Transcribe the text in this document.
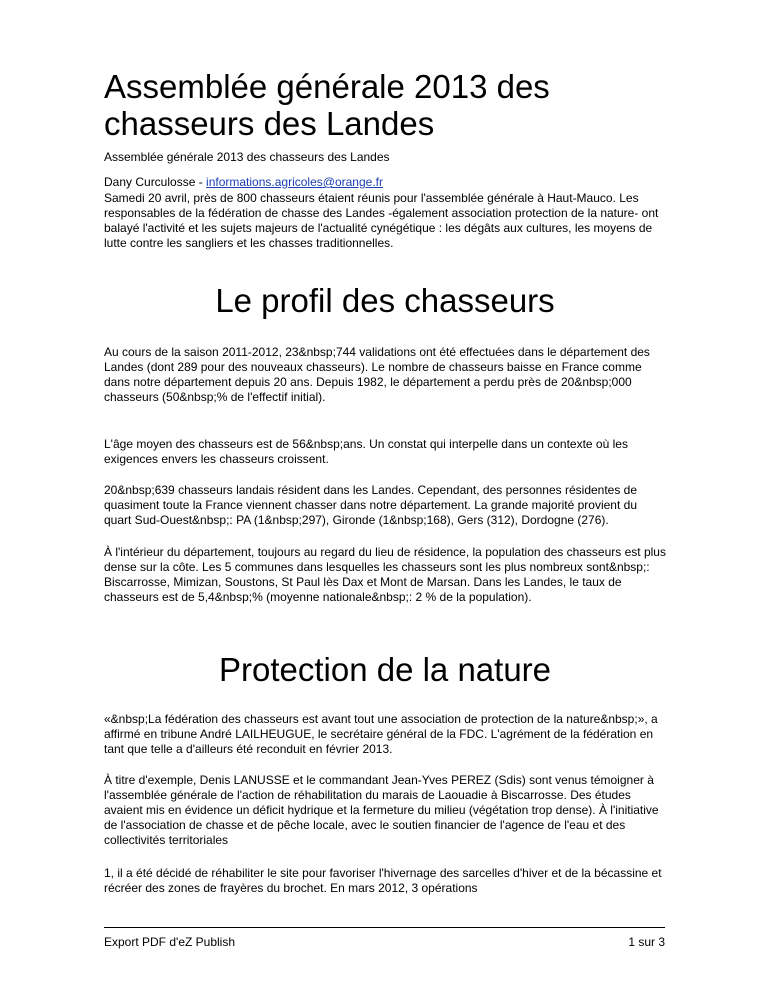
Assemblée générale 2013 des chasseurs des Landes
Assemblée générale 2013 des chasseurs des Landes
Dany Curculosse - informations.agricoles@orange.fr

Samedi 20 avril, près de 800 chasseurs étaient réunis pour l'assemblée générale à Haut-Mauco. Les responsables de la fédération de chasse des Landes -également association protection de la nature- ont balayé l'activité et les sujets majeurs de l'actualité cynégétique : les dégâts aux cultures, les moyens de lutte contre les sangliers et les chasses traditionnelles.

Le profil des chasseurs

Au cours de la saison 2011-2012, 23&nbsp;744 validations ont été effectuées dans le département des Landes (dont 289 pour des nouveaux chasseurs). Le nombre de chasseurs baisse en France comme dans notre département depuis 20 ans. Depuis 1982, le département a perdu près de 20&nbsp;000 chasseurs (50&nbsp;% de l'effectif initial).

L'âge moyen des chasseurs est de 56&nbsp;ans. Un constat qui interpelle dans un contexte où les exigences envers les chasseurs croissent.

20&nbsp;639 chasseurs landais résident dans les Landes. Cependant, des personnes résidentes de quasiment toute la France viennent chasser dans notre département. La grande majorité provient du quart Sud-Ouest&nbsp;: PA (1&nbsp;297), Gironde (1&nbsp;168), Gers (312), Dordogne (276).

À l'intérieur du département, toujours au regard du lieu de résidence, la population des chasseurs est plus dense sur la côte. Les 5 communes dans lesquelles les chasseurs sont les plus nombreux sont&nbsp;: Biscarrosse, Mimizan, Soustons, St Paul lès Dax et Mont de Marsan. Dans les Landes, le taux de chasseurs est de 5,4&nbsp;% (moyenne nationale&nbsp;: 2 % de la population).

Protection de la nature

«&nbsp;La fédération des chasseurs est avant tout une association de protection de la nature&nbsp;», a affirmé en tribune André LAILHEUGUE, le secrétaire général de la FDC. L'agrément de la fédération en tant que telle a d'ailleurs été reconduit en février 2013.

À titre d'exemple, Denis LANUSSE et le commandant Jean-Yves PEREZ (Sdis) sont venus témoigner à l'assemblée générale de l'action de réhabilitation du marais de Laouadie à Biscarrosse. Des études avaient mis en évidence un déficit hydrique et la fermeture du milieu (végétation trop dense). À l'initiative de l'association de chasse et de pêche locale, avec le soutien financier de l'agence de l'eau et des collectivités territoriales

1, il a été décidé de réhabiliter le site pour favoriser l'hivernage des sarcelles d'hiver et de la bécassine et récréer des zones de frayères du brochet. En mars 2012, 3 opérations

Export PDF d'eZ Publish	1 sur 3
